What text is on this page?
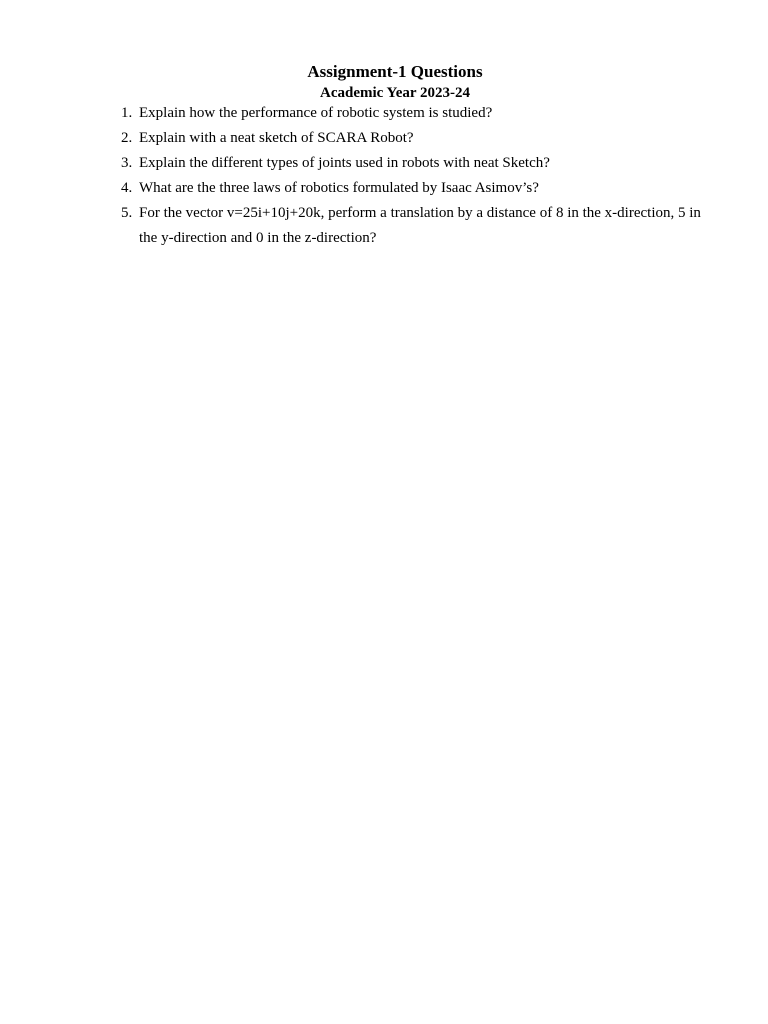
Assignment-1 Questions
Academic Year 2023-24
1. Explain how the performance of robotic system is studied?
2. Explain with a neat sketch of SCARA Robot?
3. Explain the different types of joints used in robots with neat Sketch?
4. What are the three laws of robotics formulated by Isaac Asimov’s?
5. For the vector v=25i+10j+20k, perform a translation by a distance of 8 in the x-direction, 5 in the y-direction and 0 in the z-direction?
